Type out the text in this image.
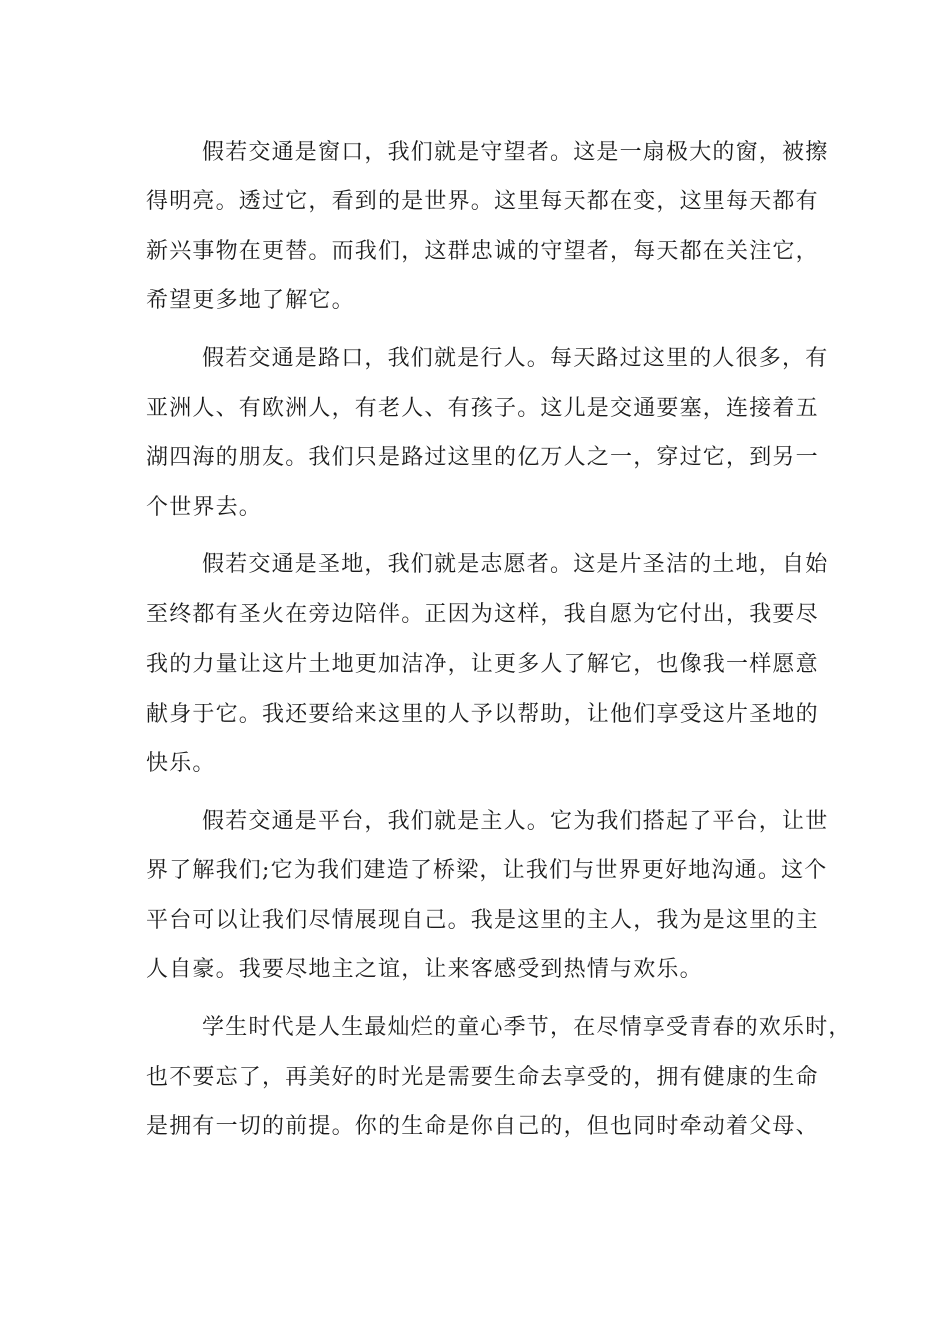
假若交通是窗口，我们就是守望者。这是一扇极大的窗，被擦
得明亮。透过它，看到的是世界。这里每天都在变，这里每天都有
新兴事物在更替。而我们，这群忠诚的守望者，每天都在关注它，
希望更多地了解它。
假若交通是路口，我们就是行人。每天路过这里的人很多，有
亚洲人、有欧洲人，有老人、有孩子。这儿是交通要塞，连接着五
湖四海的朋友。我们只是路过这里的亿万人之一，穿过它，到另一
个世界去。
假若交通是圣地，我们就是志愿者。这是片圣洁的土地，自始
至终都有圣火在旁边陪伴。正因为这样，我自愿为它付出，我要尽
我的力量让这片土地更加洁净，让更多人了解它，也像我一样愿意
献身于它。我还要给来这里的人予以帮助，让他们享受这片圣地的
快乐。
假若交通是平台，我们就是主人。它为我们搭起了平台，让世
界了解我们;它为我们建造了桥梁，让我们与世界更好地沟通。这个
平台可以让我们尽情展现自己。我是这里的主人，我为是这里的主
人自豪。我要尽地主之谊，让来客感受到热情与欢乐。
学生时代是人生最灿烂的童心季节，在尽情享受青春的欢乐时，
也不要忘了，再美好的时光是需要生命去享受的，拥有健康的生命
是拥有一切的前提。你的生命是你自己的，但也同时牵动着父母、
